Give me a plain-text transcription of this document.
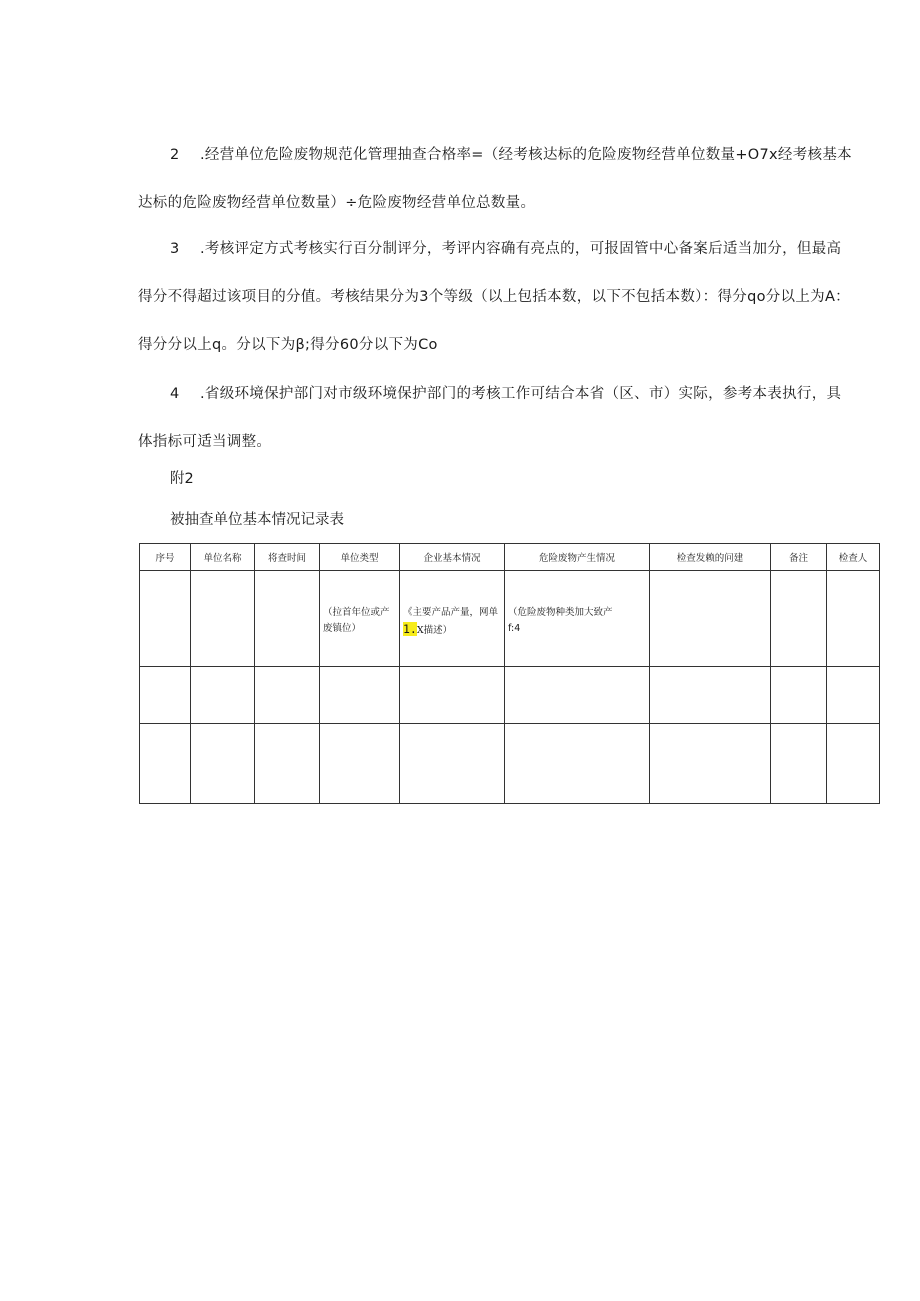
2 .经营单位危险废物规范化管理抽查合格率=（经考核达标的危险废物经营单位数量+O7x经考核基本
达标的危险废物经营单位数量）÷危险废物经营单位总数量。
3 .考核评定方式考核实行百分制评分，考评内容确有亮点的，可报固管中心备案后适当加分，但最高
得分不得超过该项目的分值。考核结果分为3个等级（以上包括本数，以下不包括本数）：得分qo分以上为A：
得分分以上q。分以下为β;得分60分以下为Co
4 .省级环境保护部门对市级环境保护部门的考核工作可结合本省（区、市）实际，参考本表执行，具
体指标可适当调整。

附2

被抽查单位基本情况记录表

序号	单位名称	将查时间	单位类型	企业基本情况	危险废物产生情况	检查发赖的问建	备注	检查人

			（拉首年位或产废镇位）	《主要产品产量，网单1.X描述）	（危险废物种类加大致产
f:4			
